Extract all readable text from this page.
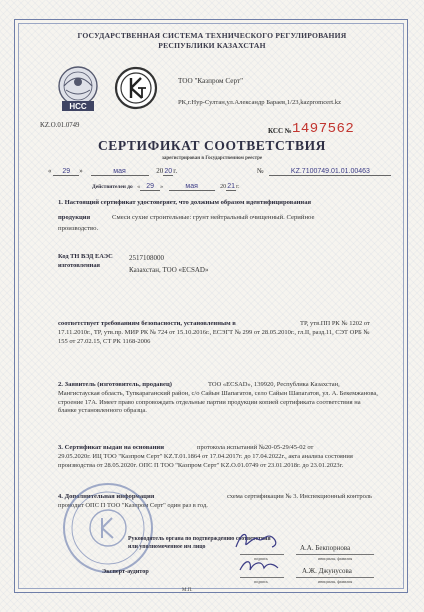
ГОСУДАРСТВЕННАЯ СИСТЕМА ТЕХНИЧЕСКОГО РЕГУЛИРОВАНИЯ
РЕСПУБЛИКИ КАЗАХСТАН
НСС
ТОО "Казпром Серт"
РК,г.Нур-Султан,ул.Александр Бараев,1/23,kazpromcert.kz
KZ.O.01.0749
КСС № 1497562
СЕРТИФИКАТ СООТВЕТСТВИЯ
зарегистрирован в Государственном реестре
« 29 »	мая	2020г.	№	KZ.7100749.01.01.00463
Действителен до « 29 »	мая	2021г.
1. Настоящий сертификат удостоверяет, что должным образом идентифицированная
продукция	Смеси сухие строительные: грунт нейтральный очищенный. Серийное
производство.
Код ТН ВЭД ЕАЭС
изготовленная
2517108000
Казахстан, ТОО «ECSAD»
соответствует требованиям безопасности, установленным в	ТР, утв.ПП РК № 1202 от
17.11.2010г., ТР, утв.пр. МИР РК № 724 от 15.10.2016г., ЕСЭГТ № 299 от 28.05.2010г., гл.II, разд.11, СЭТ ОРБ № 155 от 27.02.15, СТ РК 1168-2006
2. Заявитель (изготовитель, продавец)	ТОО «ECSAD», 139920, Республика Казахстан,
Мангистауская область, Тупкараганский район, с/о Сайын Шапагатов, село Сайын Шапагатов, ул. А. Бекемжанова, строение 17А. Имеет право сопровождать отдельные партии продукции копией сертификата соответствия на бланке установленного образца.
3. Сертификат выдан на основании	протокола испытаний №20-05-29/45-02 от
29.05.2020г. ИЦ ТОО "Казпром Серт" KZ.T.01.1864 от 17.04.2017г. до 17.04.2022г., акта анализа состояния производства от 28.05.2020г. ОПС П ТОО "Казпром Серт" KZ.O.01.0749 от 23.01.2018г. до 23.01.2023г.
4. Дополнительная информация	схема сертификации № 3. Инспекционный контроль
проводит ОПС П ТОО "Казпром Серт" один раз в год.
Руководитель органа по подтверждению соответствия
или уполномоченное им лицо
подпись
А.А. Бекпорнова
инициалы, фамилия
Эксперт-аудитор
подпись
А.Ж. Джунусова
инициалы, фамилия
М.П.
